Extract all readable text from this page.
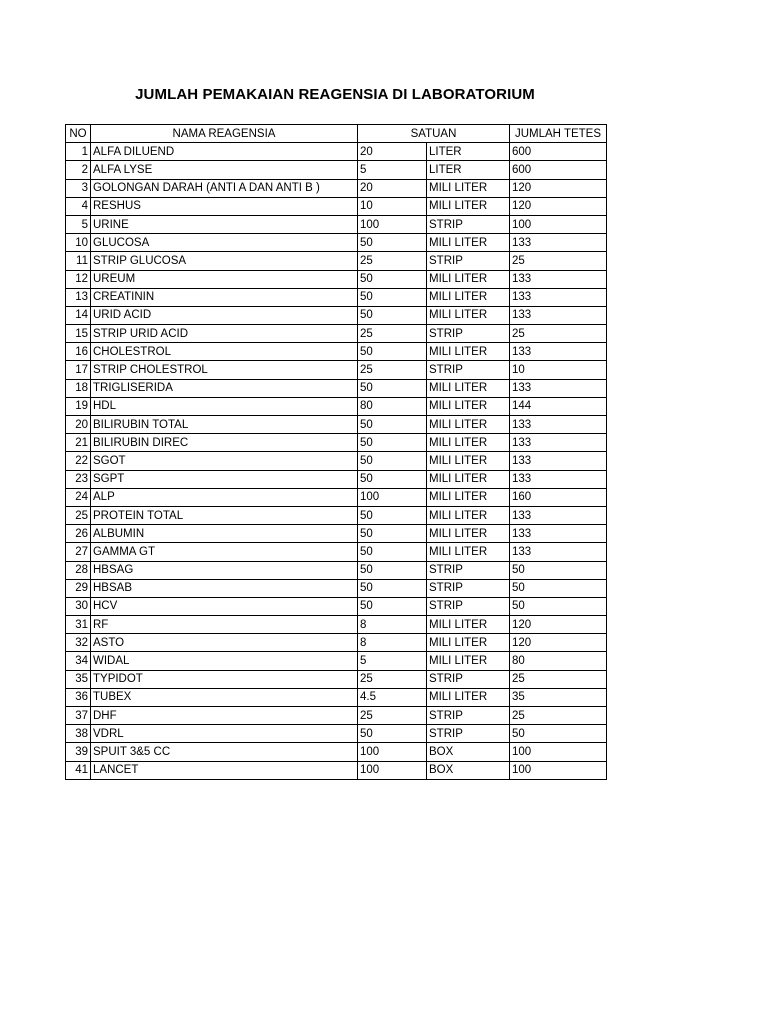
JUMLAH PEMAKAIAN REAGENSIA DI LABORATORIUM
NO	NAMA REAGENSIA	SATUAN		JUMLAH TETES
1	ALFA DILUEND	20	LITER	600
2	ALFA LYSE	5	LITER	600
3	GOLONGAN DARAH (ANTI A DAN ANTI B )	20	MILI LITER	120
4	RESHUS	10	MILI LITER	120
5	URINE	100	STRIP	100
10	GLUCOSA	50	MILI LITER	133
11	STRIP GLUCOSA	25	STRIP	25
12	UREUM	50	MILI LITER	133
13	CREATININ	50	MILI LITER	133
14	URID ACID	50	MILI LITER	133
15	STRIP URID ACID	25	STRIP	25
16	CHOLESTROL	50	MILI LITER	133
17	STRIP CHOLESTROL	25	STRIP	10
18	TRIGLISERIDA	50	MILI LITER	133
19	HDL	80	MILI LITER	144
20	BILIRUBIN TOTAL	50	MILI LITER	133
21	BILIRUBIN DIREC	50	MILI LITER	133
22	SGOT	50	MILI LITER	133
23	SGPT	50	MILI LITER	133
24	ALP	100	MILI LITER	160
25	PROTEIN TOTAL	50	MILI LITER	133
26	ALBUMIN	50	MILI LITER	133
27	GAMMA GT	50	MILI LITER	133
28	HBSAG	50	STRIP	50
29	HBSAB	50	STRIP	50
30	HCV	50	STRIP	50
31	RF	8	MILI LITER	120
32	ASTO	8	MILI LITER	120
34	WIDAL	5	MILI LITER	80
35	TYPIDOT	25	STRIP	25
36	TUBEX	4.5	MILI LITER	35
37	DHF	25	STRIP	25
38	VDRL	50	STRIP	50
39	SPUIT 3&5 CC	100	BOX	100
41	LANCET	100	BOX	100
